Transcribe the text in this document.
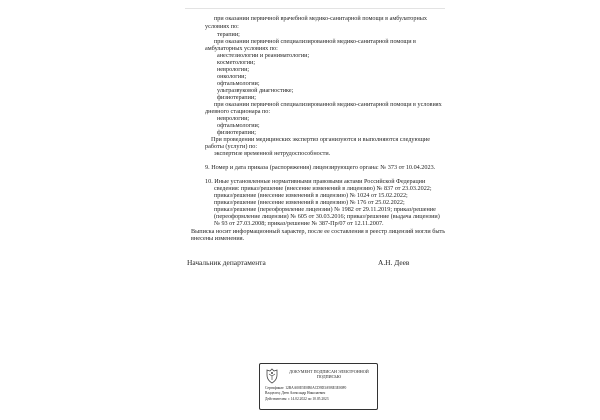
при оказании первичной врачебной медико-санитарной помощи в амбулаторных
условиях по:
терапии;
при оказании первичной специализированной медико-санитарной помощи в
амбулаторных условиях по:
анестезиологии и реаниматологии;
косметологии;
неврологии;
онкологии;
офтальмологии;
ультразвуковой диагностике;
физиотерапии;
при оказании первичной специализированной медико-санитарной помощи в условиях
дневного стационара по:
неврологии;
офтальмологии;
физиотерапии;
При проведении медицинских экспертиз организуются и выполняются следующие
работы (услуги) по:
экспертизе временной нетрудоспособности.
9. Номер и дата приказа (распоряжения) лицензирующего органа: № 373 от 10.04.2023.
10. Иные установленные нормативными правовыми актами Российской Федерации
сведения: приказ/решение (внесение изменений в лицензию) № 837 от 23.03.2022;
приказ/решение (внесение изменений в лицензию) № 1024 от 15.02.2022;
приказ/решение (внесение изменений в лицензию) № 176 от 25.02.2022;
приказ/решение (переоформление лицензии) № 1982 от 29.11.2019; приказ/решение
(переоформление лицензии) № 605 от 30.03.2016; приказ/решение (выдача лицензии)
№ 93 от 27.03.2008; приказ/решение № 387-Пр/07 от 12.11.2007.
Выписка носит информационный характер, после ее составления в реестр лицензий могли быть
внесены изменения.
Начальник департамента	А.Н. Деев
ДОКУМЕНТ ПОДПИСАН ЭЛЕКТРОННОЙ ПОДПИСЬЮ
Сертификат: 12BAA00E5E0B0ACD9D3A9BE3E00F0
Владелец: Деев Александр Николаевич
Действителен: с 14.02.2022 по 10.05.2023
